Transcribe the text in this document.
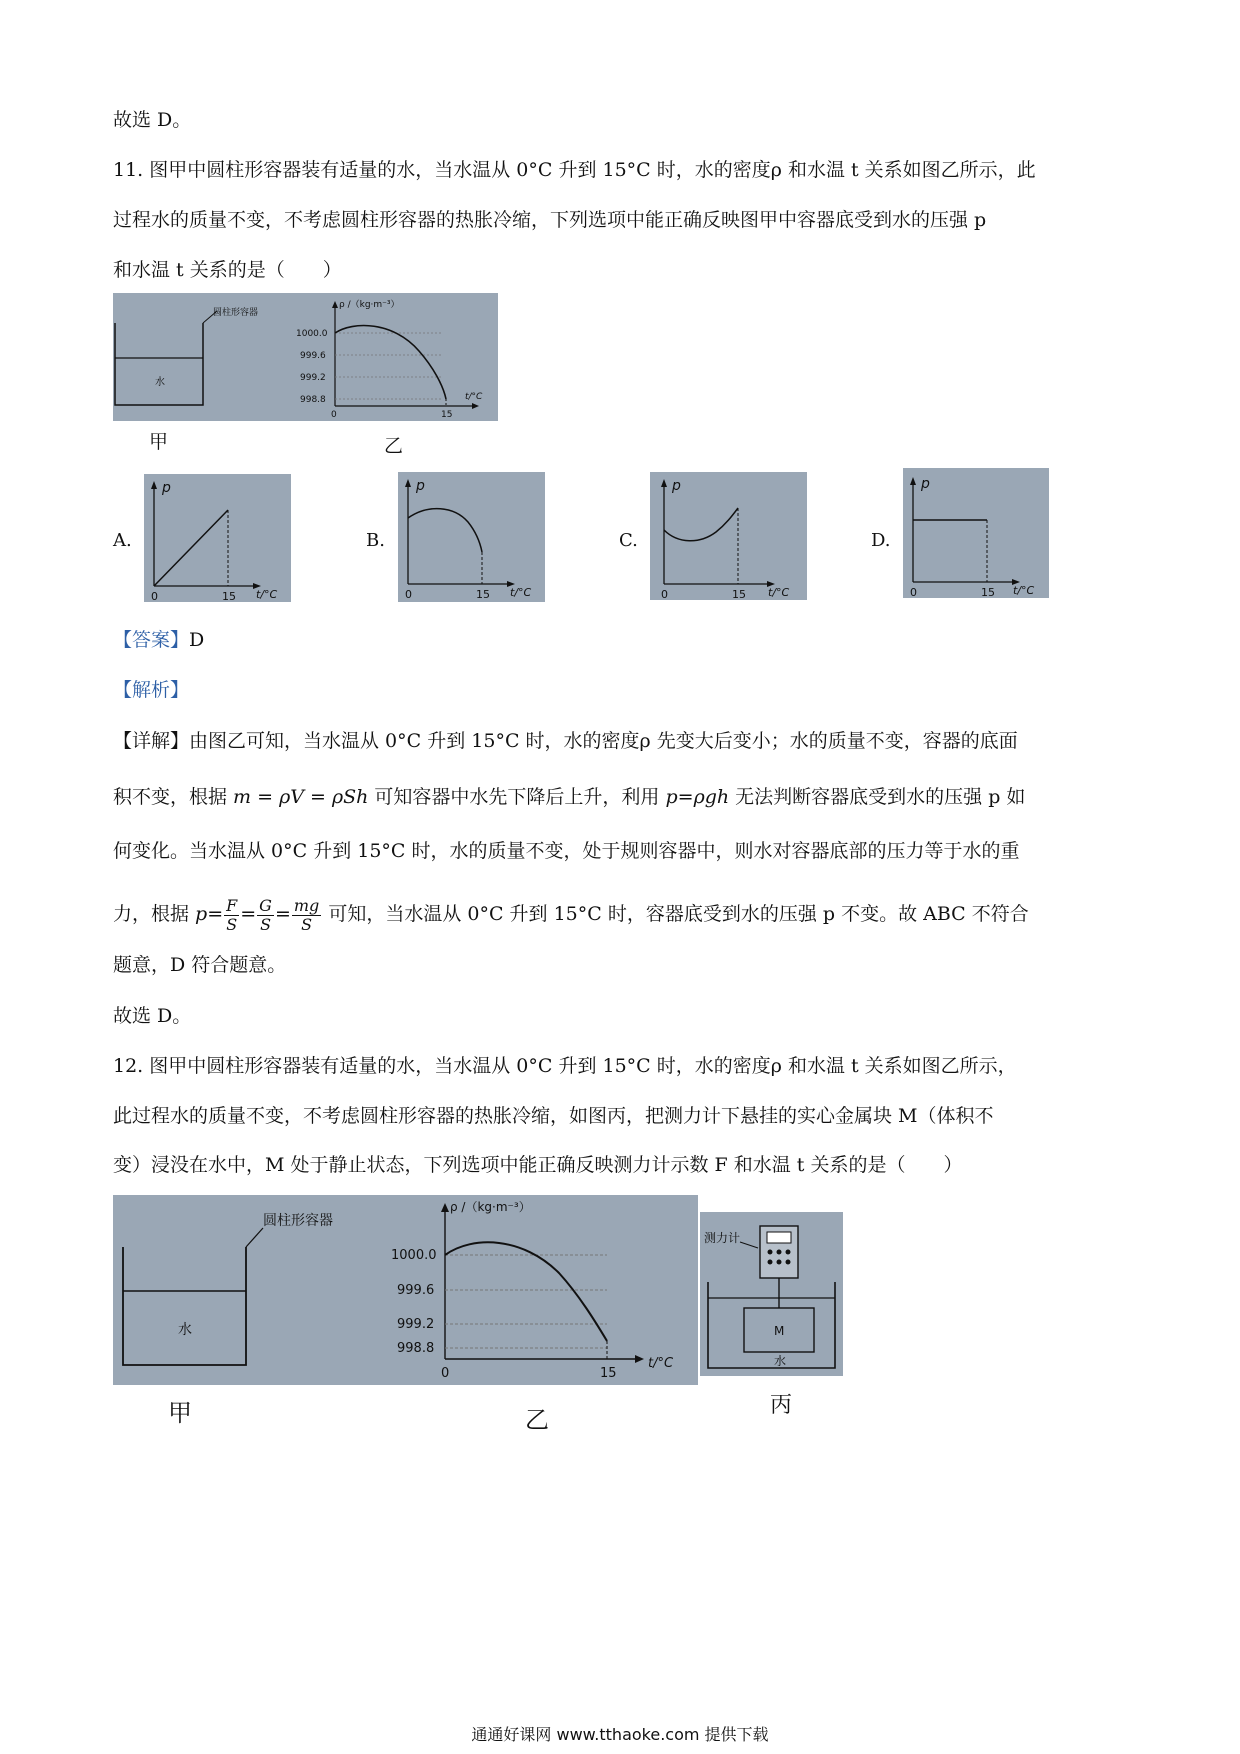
故选 D。
11. 图甲中圆柱形容器装有适量的水，当水温从 0°C 升到 15°C 时，水的密度ρ 和水温 t 关系如图乙所示，此
过程水的质量不变，不考虑圆柱形容器的热胀冷缩，下列选项中能正确反映图甲中容器底受到水的压强 p
和水温 t 关系的是（　　）
圆柱形容器
水
ρ /（kg·m⁻³）
1000.0
999.6
999.2
998.8
0	15
t/°C
甲	乙
A.
p
0	15 t/°C
B.
p
0	15 t/°C
C.
p
0	15 t/°C
D.
p
0	15 t/°C
【答案】D
【解析】
【详解】由图乙可知，当水温从 0°C 升到 15°C 时，水的密度ρ 先变大后变小；水的质量不变，容器的底面
积不变，根据 m = ρV = ρSh 可知容器中水先下降后上升，利用 p=ρgh 无法判断容器底受到水的压强 p 如
何变化。当水温从 0°C 升到 15°C 时，水的质量不变，处于规则容器中，则水对容器底部的压力等于水的重
力，根据 $p= \frac{F}{S} = \frac{G}{S} = \frac{mg}{S}$ 可知，当水温从 0°C 升到 15°C 时，容器底受到水的压强 p 不变。故 ABC 不符合
题意，D 符合题意。
故选 D。
12. 图甲中圆柱形容器装有适量的水，当水温从 0°C 升到 15°C 时，水的密度ρ 和水温 t 关系如图乙所示，
此过程水的质量不变，不考虑圆柱形容器的热胀冷缩，如图丙，把测力计下悬挂的实心金属块 M（体积不
变）浸没在水中，M 处于静止状态，下列选项中能正确反映测力计示数 F 和水温 t 关系的是（　　）
圆柱形容器
水
ρ /（kg·m⁻³）
1000.0
999.6
999.2
998.8
0	15
t/°C
测力计
M
水
甲	乙
丙
通通好课网 www.tthaoke.com 提供下载
